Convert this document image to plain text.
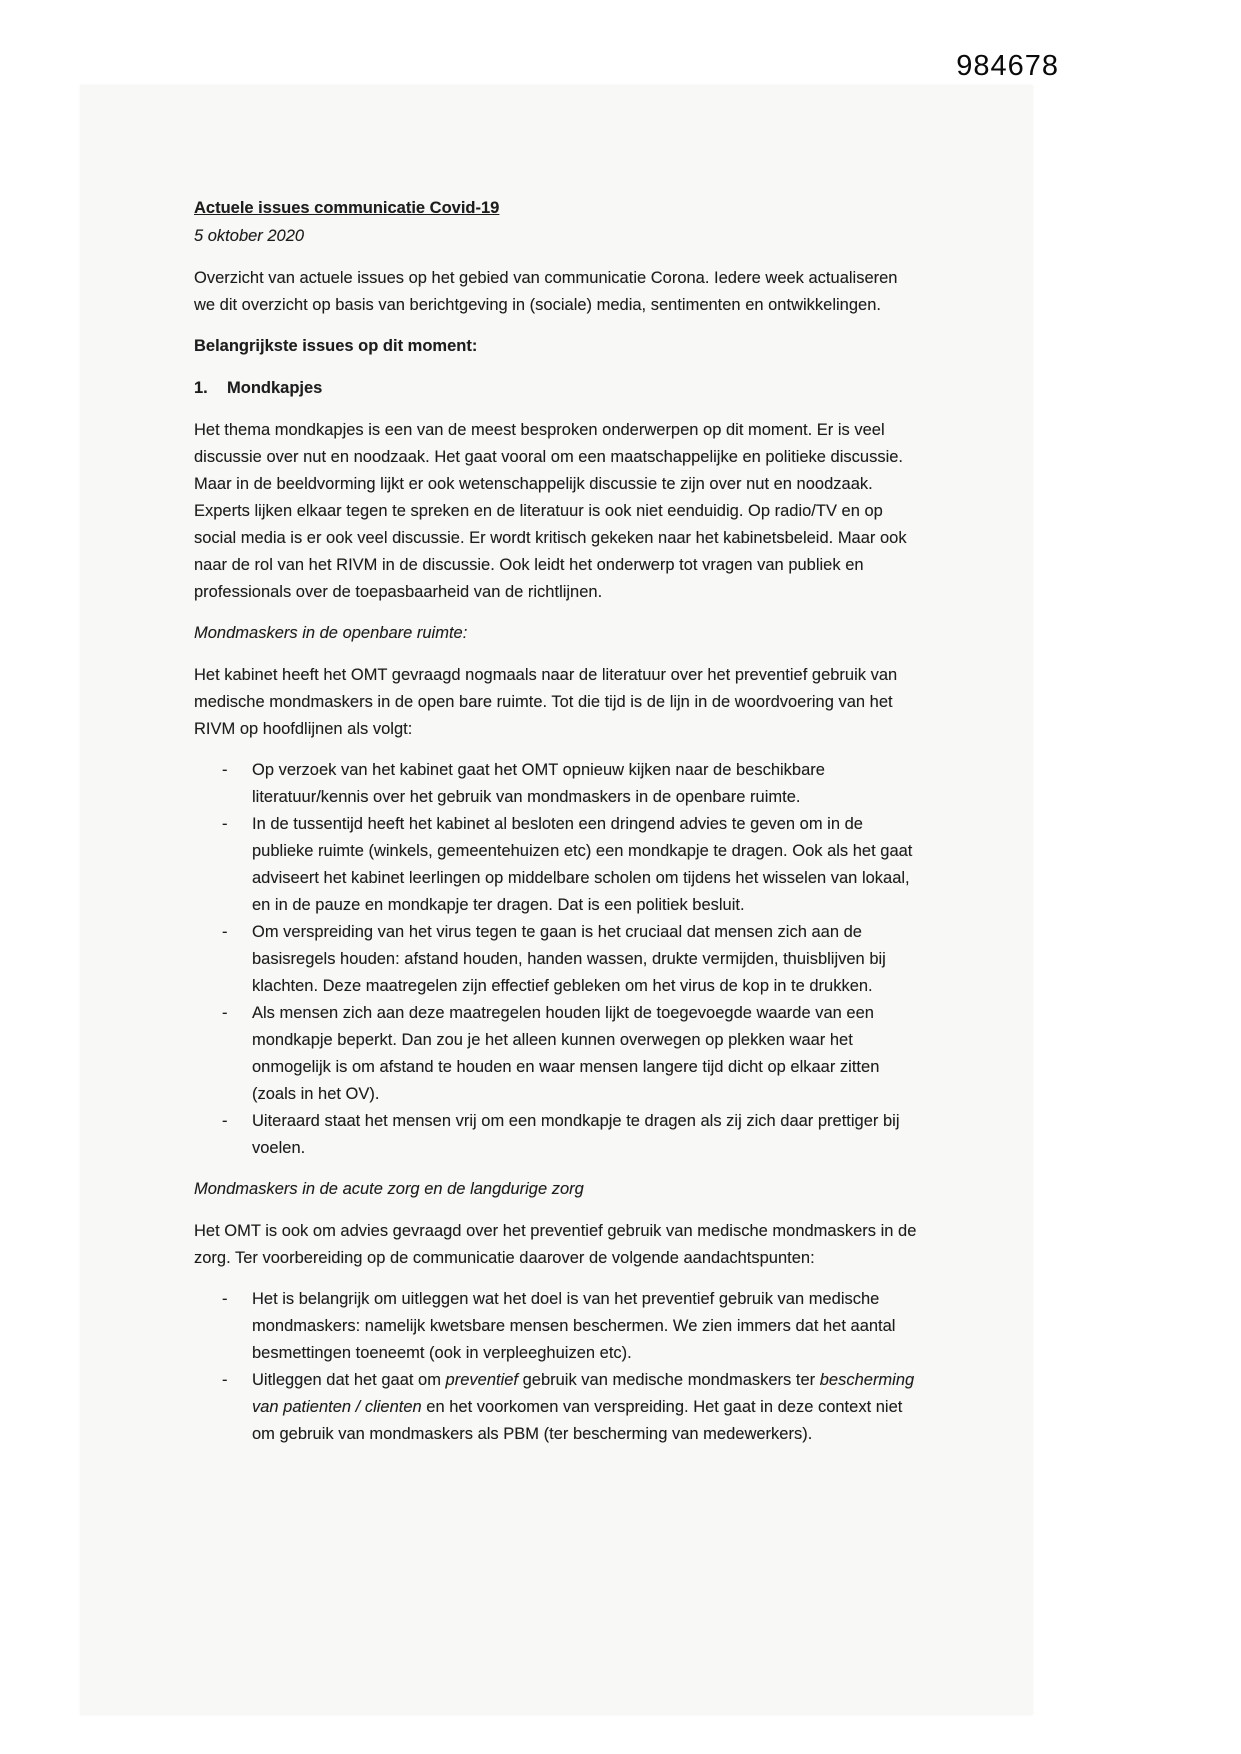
984678
Actuele issues communicatie Covid-19
5 oktober 2020

Overzicht van actuele issues op het gebied van communicatie Corona. Iedere week actualiseren we dit overzicht op basis van berichtgeving in (sociale) media, sentimenten en ontwikkelingen.

Belangrijkste issues op dit moment:
1. Mondkapjes

Het thema mondkapjes is een van de meest besproken onderwerpen op dit moment. Er is veel discussie over nut en noodzaak. Het gaat vooral om een maatschappelijke en politieke discussie. Maar in de beeldvorming lijkt er ook wetenschappelijk discussie te zijn over nut en noodzaak. Experts lijken elkaar tegen te spreken en de literatuur is ook niet eenduidig. Op radio/TV en op social media is er ook veel discussie. Er wordt kritisch gekeken naar het kabinetsbeleid. Maar ook naar de rol van het RIVM in de discussie. Ook leidt het onderwerp tot vragen van publiek en professionals over de toepasbaarheid van de richtlijnen.

Mondmaskers in de openbare ruimte:

Het kabinet heeft het OMT gevraagd nogmaals naar de literatuur over het preventief gebruik van medische mondmaskers in de open bare ruimte. Tot die tijd is de lijn in de woordvoering van het RIVM op hoofdlijnen als volgt:

- Op verzoek van het kabinet gaat het OMT opnieuw kijken naar de beschikbare literatuur/kennis over het gebruik van mondmaskers in de openbare ruimte.
- In de tussentijd heeft het kabinet al besloten een dringend advies te geven om in de publieke ruimte (winkels, gemeentehuizen etc) een mondkapje te dragen. Ook als het gaat adviseert het kabinet leerlingen op middelbare scholen om tijdens het wisselen van lokaal, en in de pauze en mondkapje ter dragen. Dat is een politiek besluit.
- Om verspreiding van het virus tegen te gaan is het cruciaal dat mensen zich aan de basisregels houden: afstand houden, handen wassen, drukte vermijden, thuisblijven bij klachten. Deze maatregelen zijn effectief gebleken om het virus de kop in te drukken.
- Als mensen zich aan deze maatregelen houden lijkt de toegevoegde waarde van een mondkapje beperkt. Dan zou je het alleen kunnen overwegen op plekken waar het onmogelijk is om afstand te houden en waar mensen langere tijd dicht op elkaar zitten (zoals in het OV).
- Uiteraard staat het mensen vrij om een mondkapje te dragen als zij zich daar prettiger bij voelen.
Mondmaskers in de acute zorg en de langdurige zorg

Het OMT is ook om advies gevraagd over het preventief gebruik van medische mondmaskers in de zorg. Ter voorbereiding op de communicatie daarover de volgende aandachtspunten:

- Het is belangrijk om uitleggen wat het doel is van het preventief gebruik van medische mondmaskers: namelijk kwetsbare mensen beschermen. We zien immers dat het aantal besmettingen toeneemt (ook in verpleeghuizen etc).
- Uitleggen dat het gaat om preventief gebruik van medische mondmaskers ter bescherming van patienten / clienten en het voorkomen van verspreiding. Het gaat in deze context niet om gebruik van mondmaskers als PBM (ter bescherming van medewerkers).
